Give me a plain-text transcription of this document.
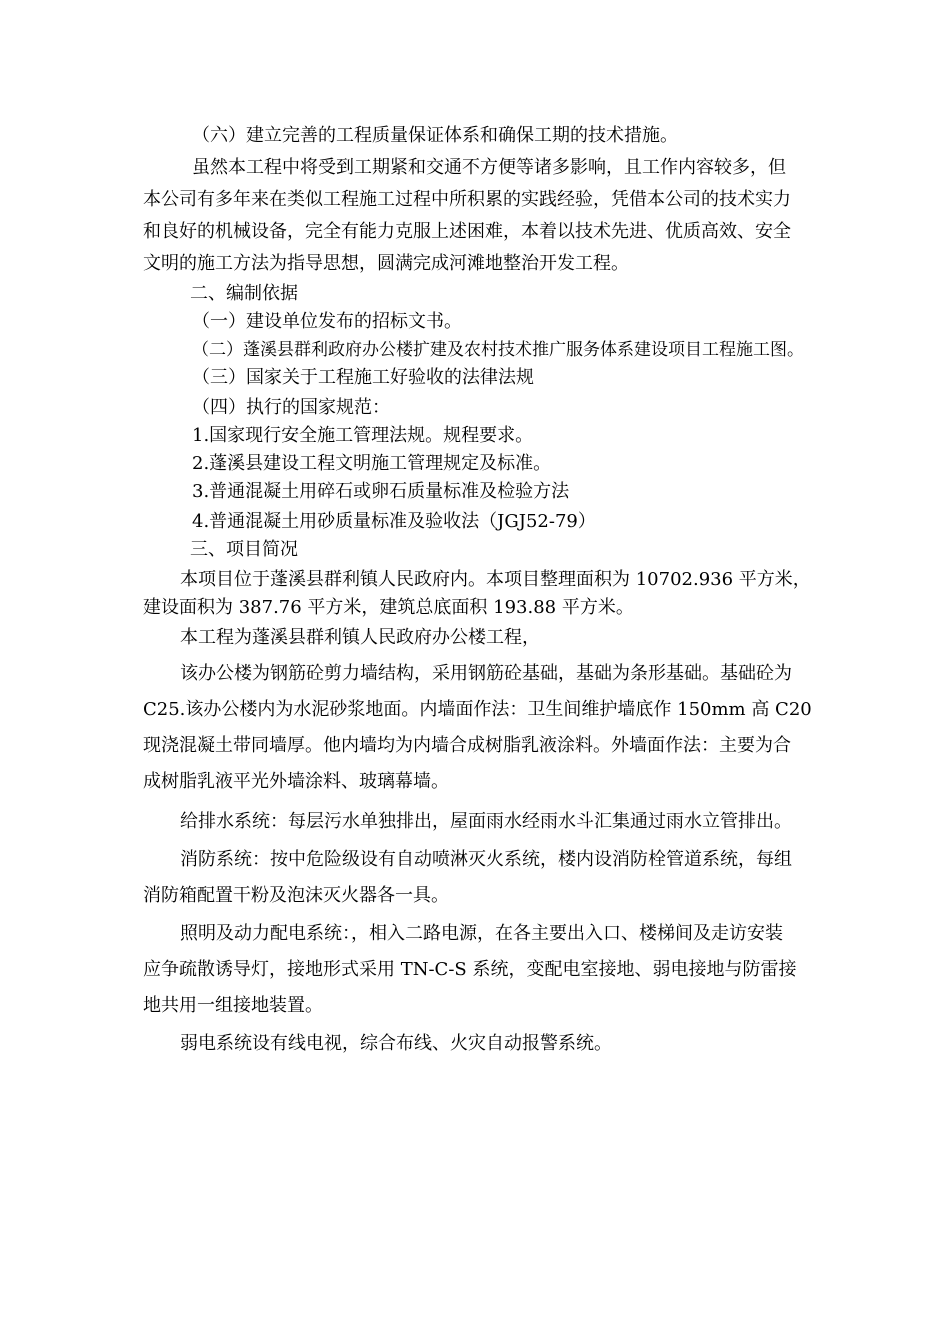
（六）建立完善的工程质量保证体系和确保工期的技术措施。
虽然本工程中将受到工期紧和交通不方便等诸多影响，且工作内容较多，但
本公司有多年来在类似工程施工过程中所积累的实践经验，凭借本公司的技术实力
和良好的机械设备，完全有能力克服上述困难，本着以技术先进、优质高效、安全
文明的施工方法为指导思想，圆满完成河滩地整治开发工程。
二、编制依据
（一）建设单位发布的招标文书。
（二）蓬溪县群利政府办公楼扩建及农村技术推广服务体系建设项目工程施工图。
（三）国家关于工程施工好验收的法律法规
（四）执行的国家规范：
1.国家现行安全施工管理法规。规程要求。
2.蓬溪县建设工程文明施工管理规定及标准。
3.普通混凝土用碎石或卵石质量标准及检验方法
4.普通混凝土用砂质量标准及验收法（JGJ52-79）
三、项目简况
本项目位于蓬溪县群利镇人民政府内。本项目整理面积为 10702.936 平方米，
建设面积为 387.76 平方米，建筑总底面积 193.88 平方米。
本工程为蓬溪县群利镇人民政府办公楼工程，
该办公楼为钢筋砼剪力墙结构，采用钢筋砼基础，基础为条形基础。基础砼为
C25.该办公楼内为水泥砂浆地面。内墙面作法：卫生间维护墙底作 150mm 高 C20
现浇混凝土带同墙厚。他内墙均为内墙合成树脂乳液涂料。外墙面作法：主要为合
成树脂乳液平光外墙涂料、玻璃幕墙。
给排水系统：每层污水单独排出，屋面雨水经雨水斗汇集通过雨水立管排出。
消防系统：按中危险级设有自动喷淋灭火系统，楼内设消防栓管道系统，每组
消防箱配置干粉及泡沫灭火器各一具。
照明及动力配电系统：，相入二路电源，在各主要出入口、楼梯间及走访安装
应争疏散诱导灯，接地形式采用 TN-C-S 系统，变配电室接地、弱电接地与防雷接
地共用一组接地装置。
弱电系统设有线电视，综合布线、火灾自动报警系统。
